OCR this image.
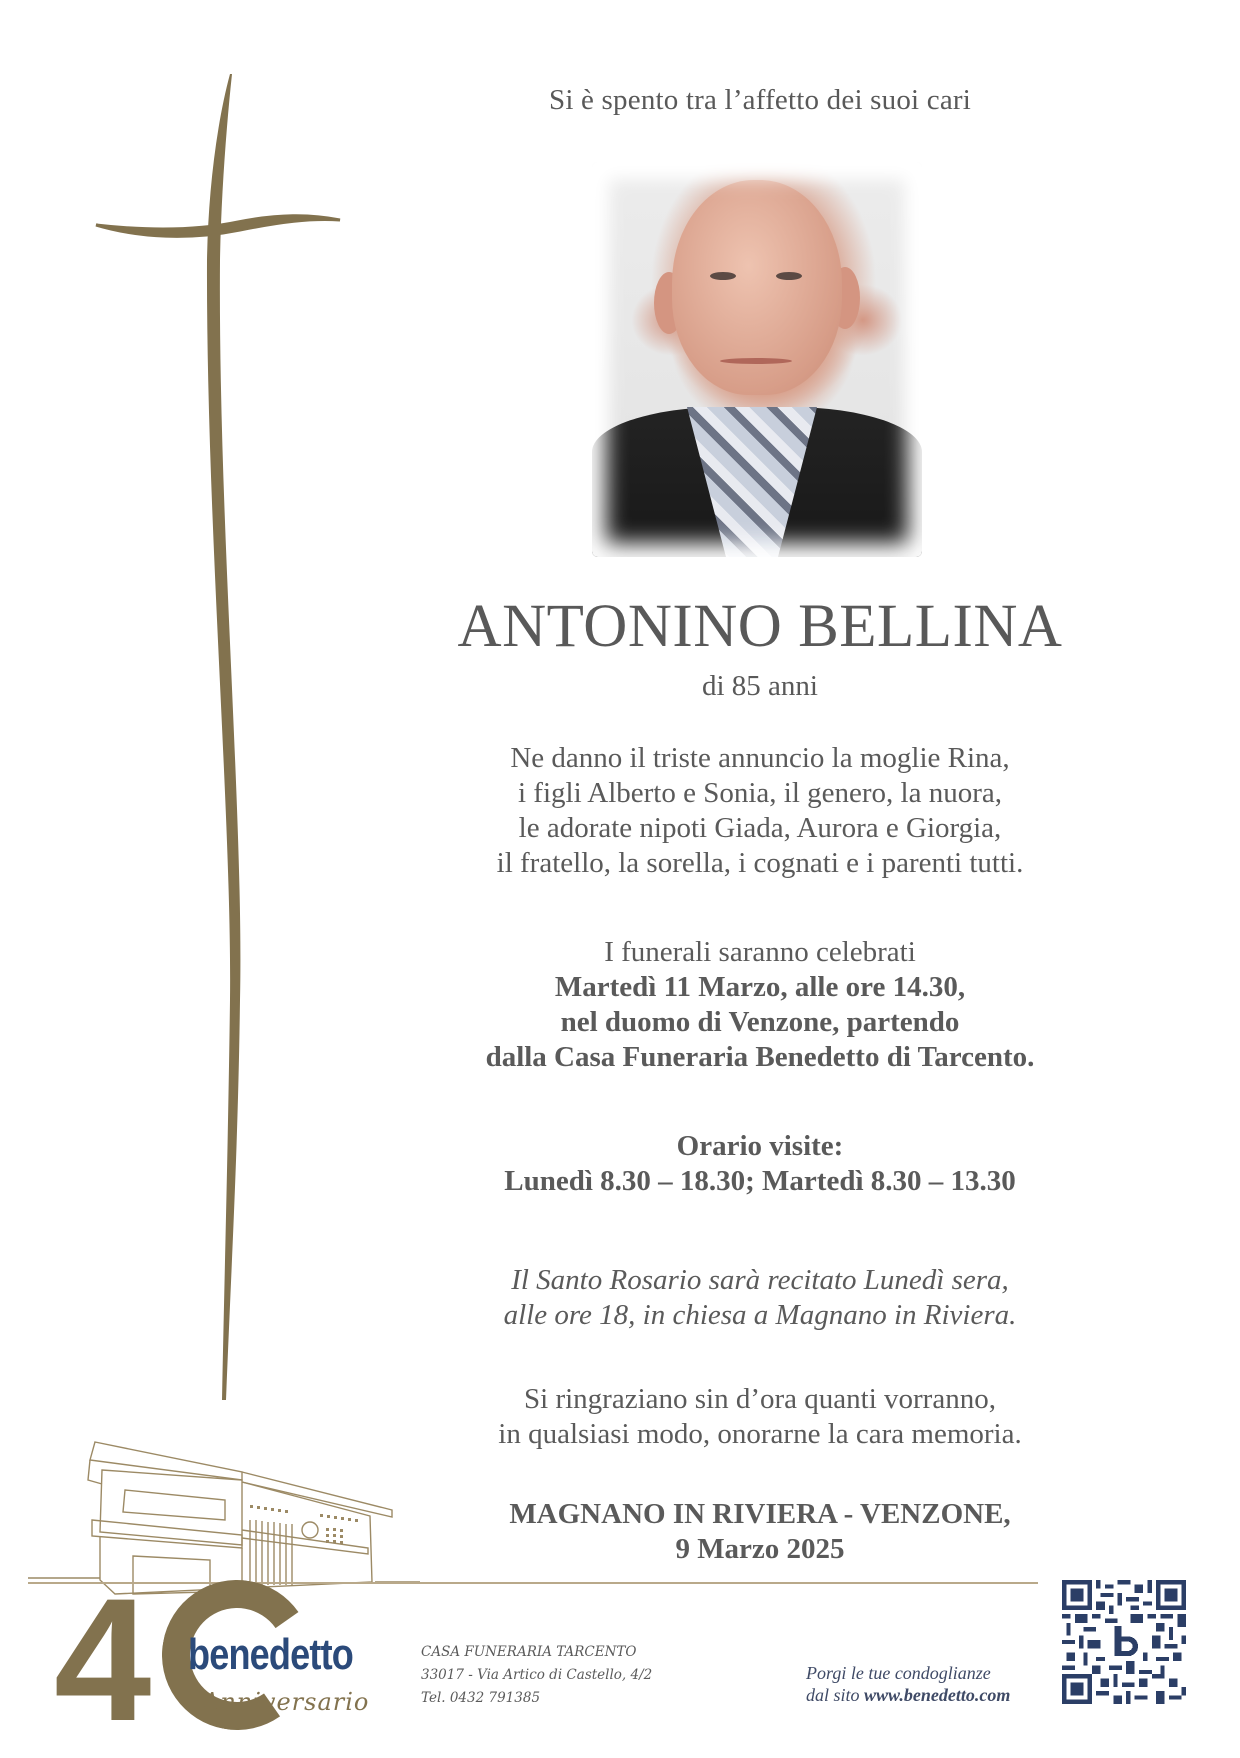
Si è spento tra l’affetto dei suoi cari
ANTONINO BELLINA
di 85 anni
Ne danno il triste annuncio la moglie Rina,
i figli Alberto e Sonia, il genero, la nuora,
le adorate nipoti Giada, Aurora e Giorgia,
il fratello, la sorella, i cognati e i parenti tutti.
I funerali saranno celebrati
Martedì 11 Marzo, alle ore 14.30,
nel duomo di Venzone, partendo
dalla Casa Funeraria Benedetto di Tarcento.
Orario visite:
Lunedì 8.30 – 18.30; Martedì 8.30 – 13.30
Il Santo Rosario sarà recitato Lunedì sera,
alle ore 18, in chiesa a Magnano in Riviera.
Si ringraziano sin d’ora quanti vorranno,
in qualsiasi modo, onorarne la cara memoria.
MAGNANO IN RIVIERA - VENZONE,
9 Marzo 2025
4 benedetto
Anniversario
CASA FUNERARIA TARCENTO
33017 - Via Artico di Castello, 4/2
Tel. 0432 791385
Porgi le tue condoglianze
dal sito www.benedetto.com
